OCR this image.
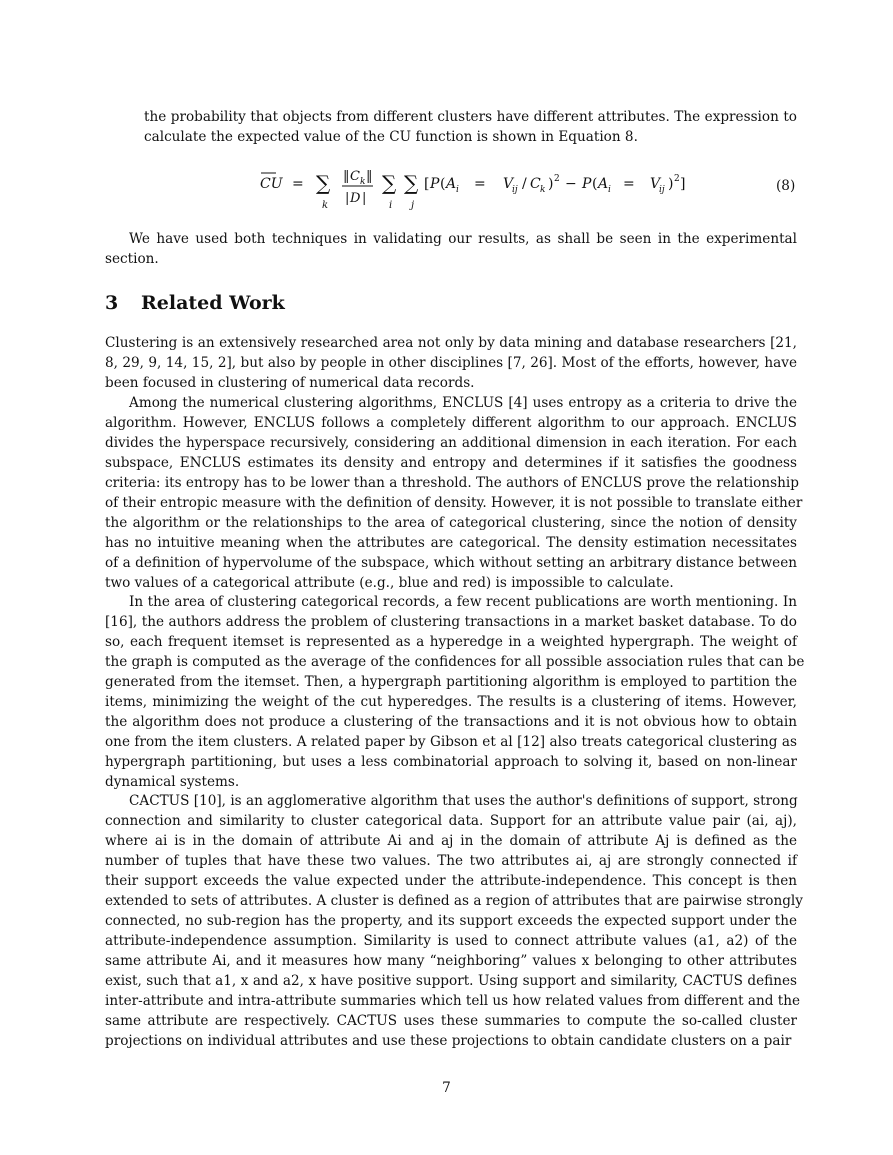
the probability that objects from different clusters have different attributes. The expression to
calculate the expected value of the CU function is shown in Equation 8.
CU = ∑
k
‖ C k ‖
| D |
∑
i
∑
j
[ P ( A i = V
ij / C k ) 2 − P ( A i = V
ij ) 2 ]	(8)
We have used both techniques in validating our results, as shall be seen in the experimental
section.
3 Related Work
Clustering is an extensively researched area not only by data mining and database researchers [21,
8, 29, 9, 14, 15, 2], but also by people in other disciplines [7, 26]. Most of the efforts, however, have
been focused in clustering of numerical data records.
Among the numerical clustering algorithms, ENCLUS [4] uses entropy as a criteria to drive the
algorithm. However, ENCLUS follows a completely different algorithm to our approach. ENCLUS
divides the hyperspace recursively, considering an additional dimension in each iteration. For each
subspace, ENCLUS estimates its density and entropy and determines if it satisfies the goodness
criteria: its entropy has to be lower than a threshold. The authors of ENCLUS prove the relationship
of their entropic measure with the definition of density. However, it is not possible to translate either
the algorithm or the relationships to the area of categorical clustering, since the notion of density
has no intuitive meaning when the attributes are categorical. The density estimation necessitates
of a definition of hypervolume of the subspace, which without setting an arbitrary distance between
two values of a categorical attribute (e.g., blue and red) is impossible to calculate.
In the area of clustering categorical records, a few recent publications are worth mentioning. In
[16], the authors address the problem of clustering transactions in a market basket database. To do
so, each frequent itemset is represented as a hyperedge in a weighted hypergraph. The weight of
the graph is computed as the average of the confidences for all possible association rules that can be
generated from the itemset. Then, a hypergraph partitioning algorithm is employed to partition the
items, minimizing the weight of the cut hyperedges. The results is a clustering of items. However,
the algorithm does not produce a clustering of the transactions and it is not obvious how to obtain
one from the item clusters. A related paper by Gibson et al [12] also treats categorical clustering as
hypergraph partitioning, but uses a less combinatorial approach to solving it, based on non-linear
dynamical systems.
CACTUS [10], is an agglomerative algorithm that uses the author's definitions of support, strong
connection and similarity to cluster categorical data. Support for an attribute value pair (ai, aj),
where ai is in the domain of attribute Ai and aj in the domain of attribute Aj is defined as the
number of tuples that have these two values. The two attributes ai, aj are strongly connected if
their support exceeds the value expected under the attribute-independence. This concept is then
extended to sets of attributes. A cluster is defined as a region of attributes that are pairwise strongly
connected, no sub-region has the property, and its support exceeds the expected support under the
attribute-independence assumption. Similarity is used to connect attribute values (a1, a2) of the
same attribute Ai, and it measures how many “neighboring” values x belonging to other attributes
exist, such that a1, x and a2, x have positive support. Using support and similarity, CACTUS defines
inter-attribute and intra-attribute summaries which tell us how related values from different and the
same attribute are respectively. CACTUS uses these summaries to compute the so-called cluster
projections on individual attributes and use these projections to obtain candidate clusters on a pair
7
